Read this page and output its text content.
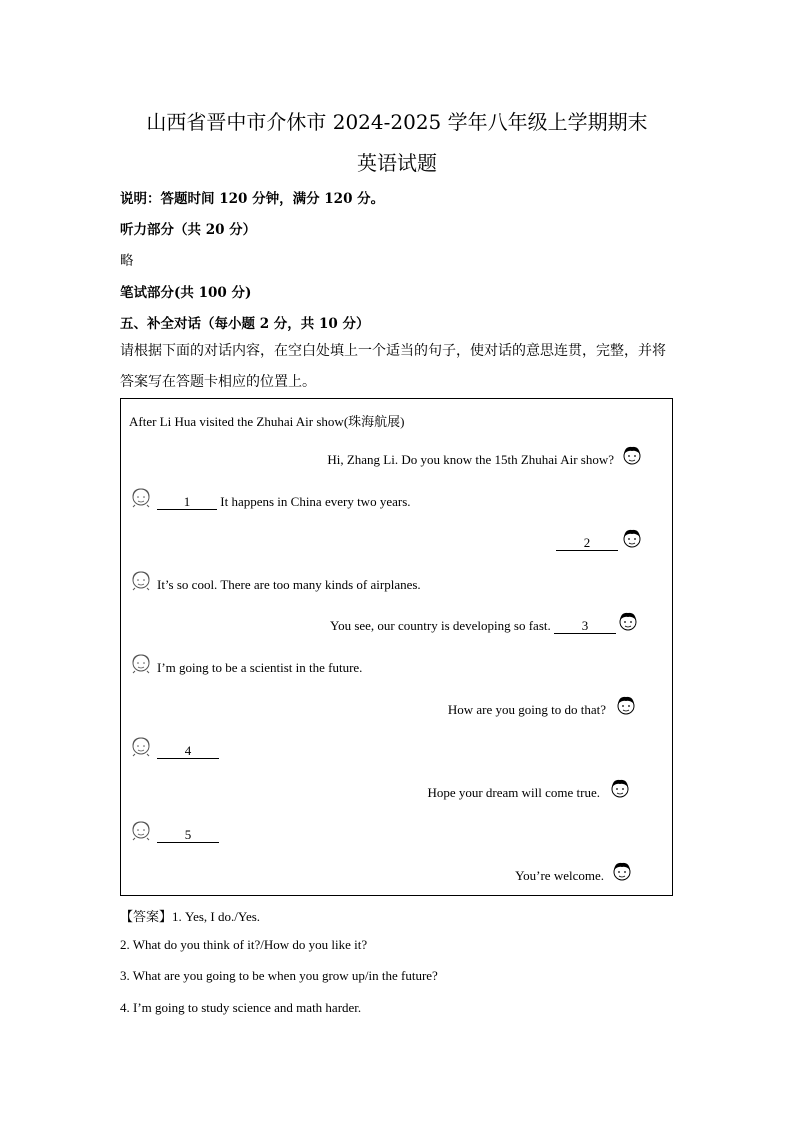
山西省晋中市介休市 2024-2025 学年八年级上学期期末
英语试题
说明：答题时间 120 分钟，满分 120 分。
听力部分（共 20 分）
略
笔试部分(共 100 分)
五、补全对话（每小题 2 分，共 10 分）
请根据下面的对话内容，在空白处填上一个适当的句子，使对话的意思连贯，完整，并将答案写在答题卡相应的位置上。
After Li Hua visited the Zhuhai Air show(珠海航展)
Hi, Zhang Li. Do you know the 15th Zhuhai Air show?
1 It happens in China every two years.
2
It’s so cool. There are too many kinds of airplanes.
You see, our country is developing so fast. 3
I’m going to be a scientist in the future.
How are you going to do that?
4
Hope your dream will come true.
5
You’re welcome.
【答案】1. Yes, I do./Yes.
2. What do you think of it?/How do you like it?
3. What are you going to be when you grow up/in the future?
4. I’m going to study science and math harder.
